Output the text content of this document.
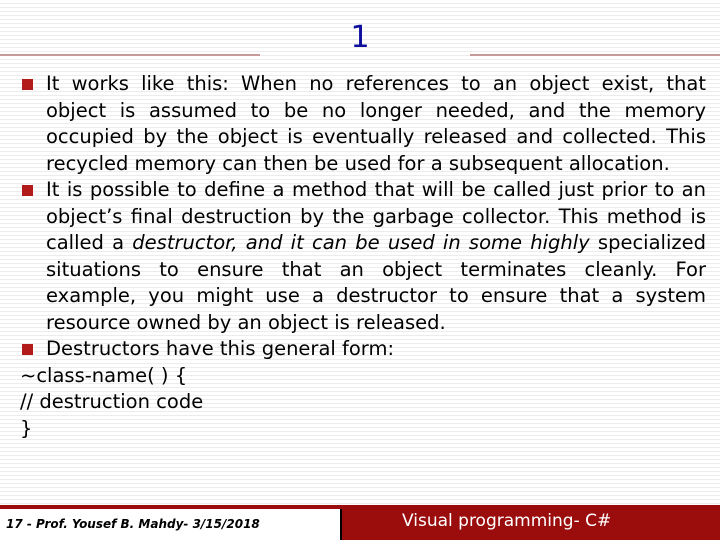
1

It works like this: When no references to an object exist, that object is assumed to be no longer needed, and the memory occupied by the object is eventually released and collected. This recycled memory can then be used for a subsequent allocation.

It is possible to define a method that will be called just prior to an object’s final destruction by the garbage collector. This method is called a destructor, and it can be used in some highly specialized situations to ensure that an object terminates cleanly. For example, you might use a destructor to ensure that a system resource owned by an object is released.

Destructors have this general form:

~class-name( ) {

// destruction code

}

17 - Prof. Yousef B. Mahdy- 3/15/2018	Visual programming- C#
